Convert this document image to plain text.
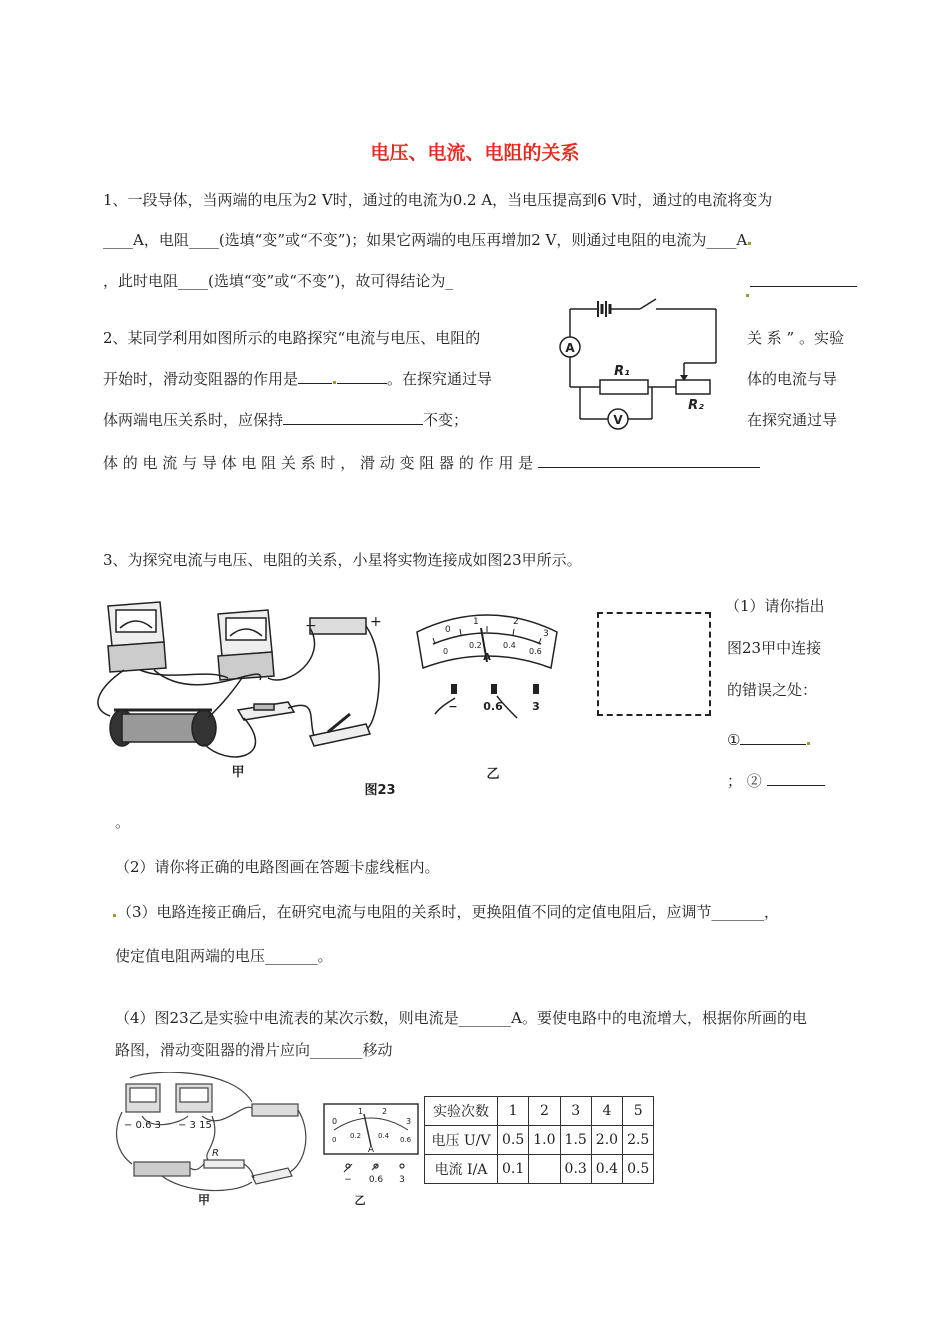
电压、电流、电阻的关系
1、一段导体，当两端的电压为2 V时，通过的电流为0.2 A，当电压提高到6 V时，通过的电流将变为
____A，电阻____(选填“变”或“不变”)；如果它两端的电压再增加2 V，则通过电阻的电流为____A
，此时电阻____(选填“变”或“不变”)，故可得结论为_
2、某同学利用如图所示的电路探究“电流与电压、电阻的	关 系 ” 。实验
开始时，滑动变阻器的作用是	。在探究通过导	体的电流与导
体两端电压关系时，应保持	不变；	在探究通过导
体 的 电 流 与 导 体 电 阻 关 系 时 ， 滑 动 变 阻 器 的 作 用 是
A
V
R₁
R₂
3、为探究电流与电压、电阻的关系，小星将实物连接成如图23甲所示。
−	+
甲
图23
0
1	2
3
0
0.2	0.4
0.6
A
− 0.6	3
乙
（1）请你指出
图23甲中连接
的错误之处：
①
； ②
。
（2）请你将正确的电路图画在答题卡虚线框内。
（3）电路连接正确后，在研究电流与电阻的关系时，更换阻值不同的定值电阻后，应调节_______，
使定值电阻两端的电压_______。
（4）图23乙是实验中电流表的某次示数，则电流是_______A。要使电路中的电流增大，根据你所画的电
路图，滑动变阻器的滑片应向_______移动
− 0.6 3 − 3 15
R
甲
0
1 2
3
0 0.2 0.4 0.6
A
− 0.6 3
乙
实验次数	1	2	3	4	5
电压 U/V	0.5	1.0	1.5	2.0	2.5
电流 I/A	0.1		0.3	0.4	0.5
